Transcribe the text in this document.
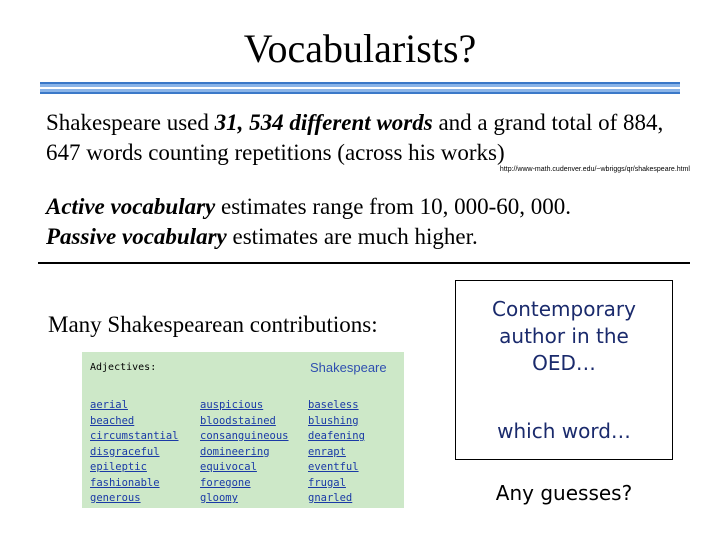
Vocabularists?
Shakespeare used 31, 534 different words and a grand total of 884, 647 words counting repetitions (across his works)
http://www-math.cudenver.edu/~wbriggs/qr/shakespeare.html
Active vocabulary estimates range from 10, 000-60, 000.
Passive vocabulary estimates are much higher.
Many Shakespearean contributions:
Adjectives:	Shakespeare
aerial
beached
circumstantial
disgraceful
epileptic
fashionable
generous
auspicious
bloodstained
consanguineous
domineering
equivocal
foregone
gloomy
baseless
blushing
deafening
enrapt
eventful
frugal
gnarled
Contemporary
author in the
OED…
which word…
Any guesses?
